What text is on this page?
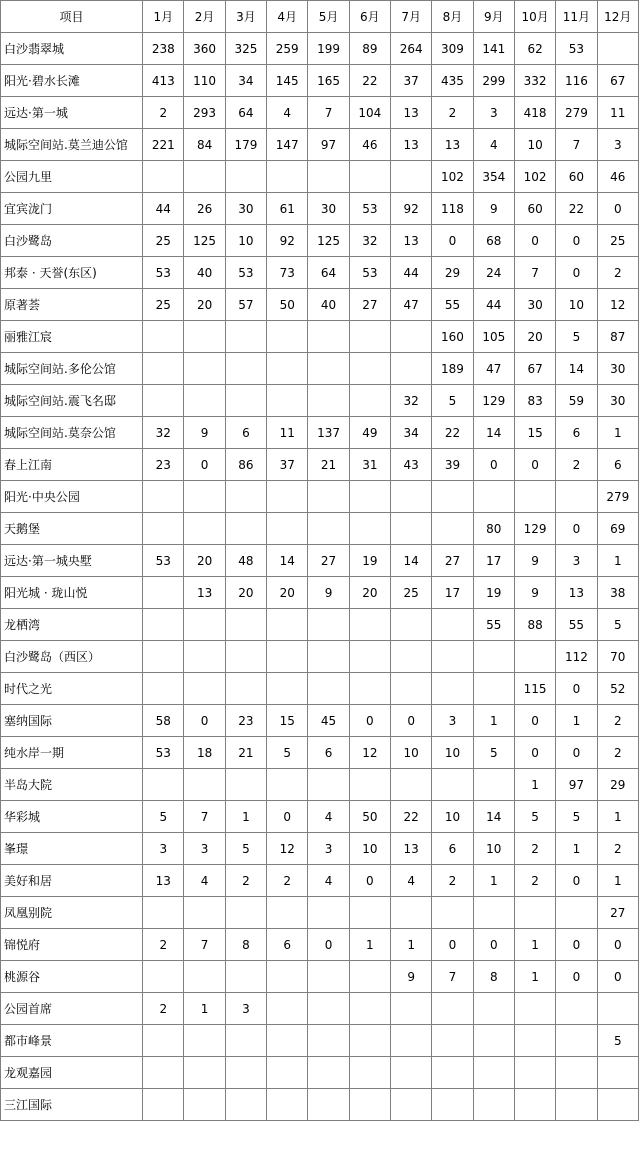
项目	1月	2月	3月	4月	5月	6月	7月	8月	9月	10月	11月	12月
白沙翡翠城	238	360	325	259	199	89	264	309	141	62	53	
阳光·碧水长滩	413	110	34	145	165	22	37	435	299	332	116	67
远达·第一城	2	293	64	4	7	104	13	2	3	418	279	11
城际空间站.莫兰迪公馆	221	84	179	147	97	46	13	13	4	10	7	3
公园九里								102	354	102	60	46
宜宾泷门	44	26	30	61	30	53	92	118	9	60	22	0
白沙鹭岛	25	125	10	92	125	32	13	0	68	0	0	25
邦泰 · 天誉(东区)	53	40	53	73	64	53	44	29	24	7	0	2
原著荟	25	20	57	50	40	27	47	55	44	30	10	12
丽雅江宸								160	105	20	5	87
城际空间站.多伦公馆								189	47	67	14	30
城际空间站.震飞名邸							32	5	129	83	59	30
城际空间站.莫奈公馆	32	9	6	11	137	49	34	22	14	15	6	1
春上江南	23	0	86	37	21	31	43	39	0	0	2	6
阳光·中央公园												279
天鹅堡									80	129	0	69
远达·第一城央墅	53	20	48	14	27	19	14	27	17	9	3	1
阳光城 · 珑山悦		13	20	20	9	20	25	17	19	9	13	38
龙栖湾									55	88	55	5
白沙鹭岛（西区）											112	70
时代之光										115	0	52
塞纳国际	58	0	23	15	45	0	0	3	1	0	1	2
纯水岸一期	53	18	21	5	6	12	10	10	5	0	0	2
半岛大院										1	97	29
华彩城	5	7	1	0	4	50	22	10	14	5	5	1
峯璟	3	3	5	12	3	10	13	6	10	2	1	2
美好和居	13	4	2	2	4	0	4	2	1	2	0	1
凤凰别院												27
锦悦府	2	7	8	6	0	1	1	0	0	1	0	0
桃源谷							9	7	8	1	0	0
公园首席	2	1	3									
都市峰景												5
龙观嘉园												
三江国际												
